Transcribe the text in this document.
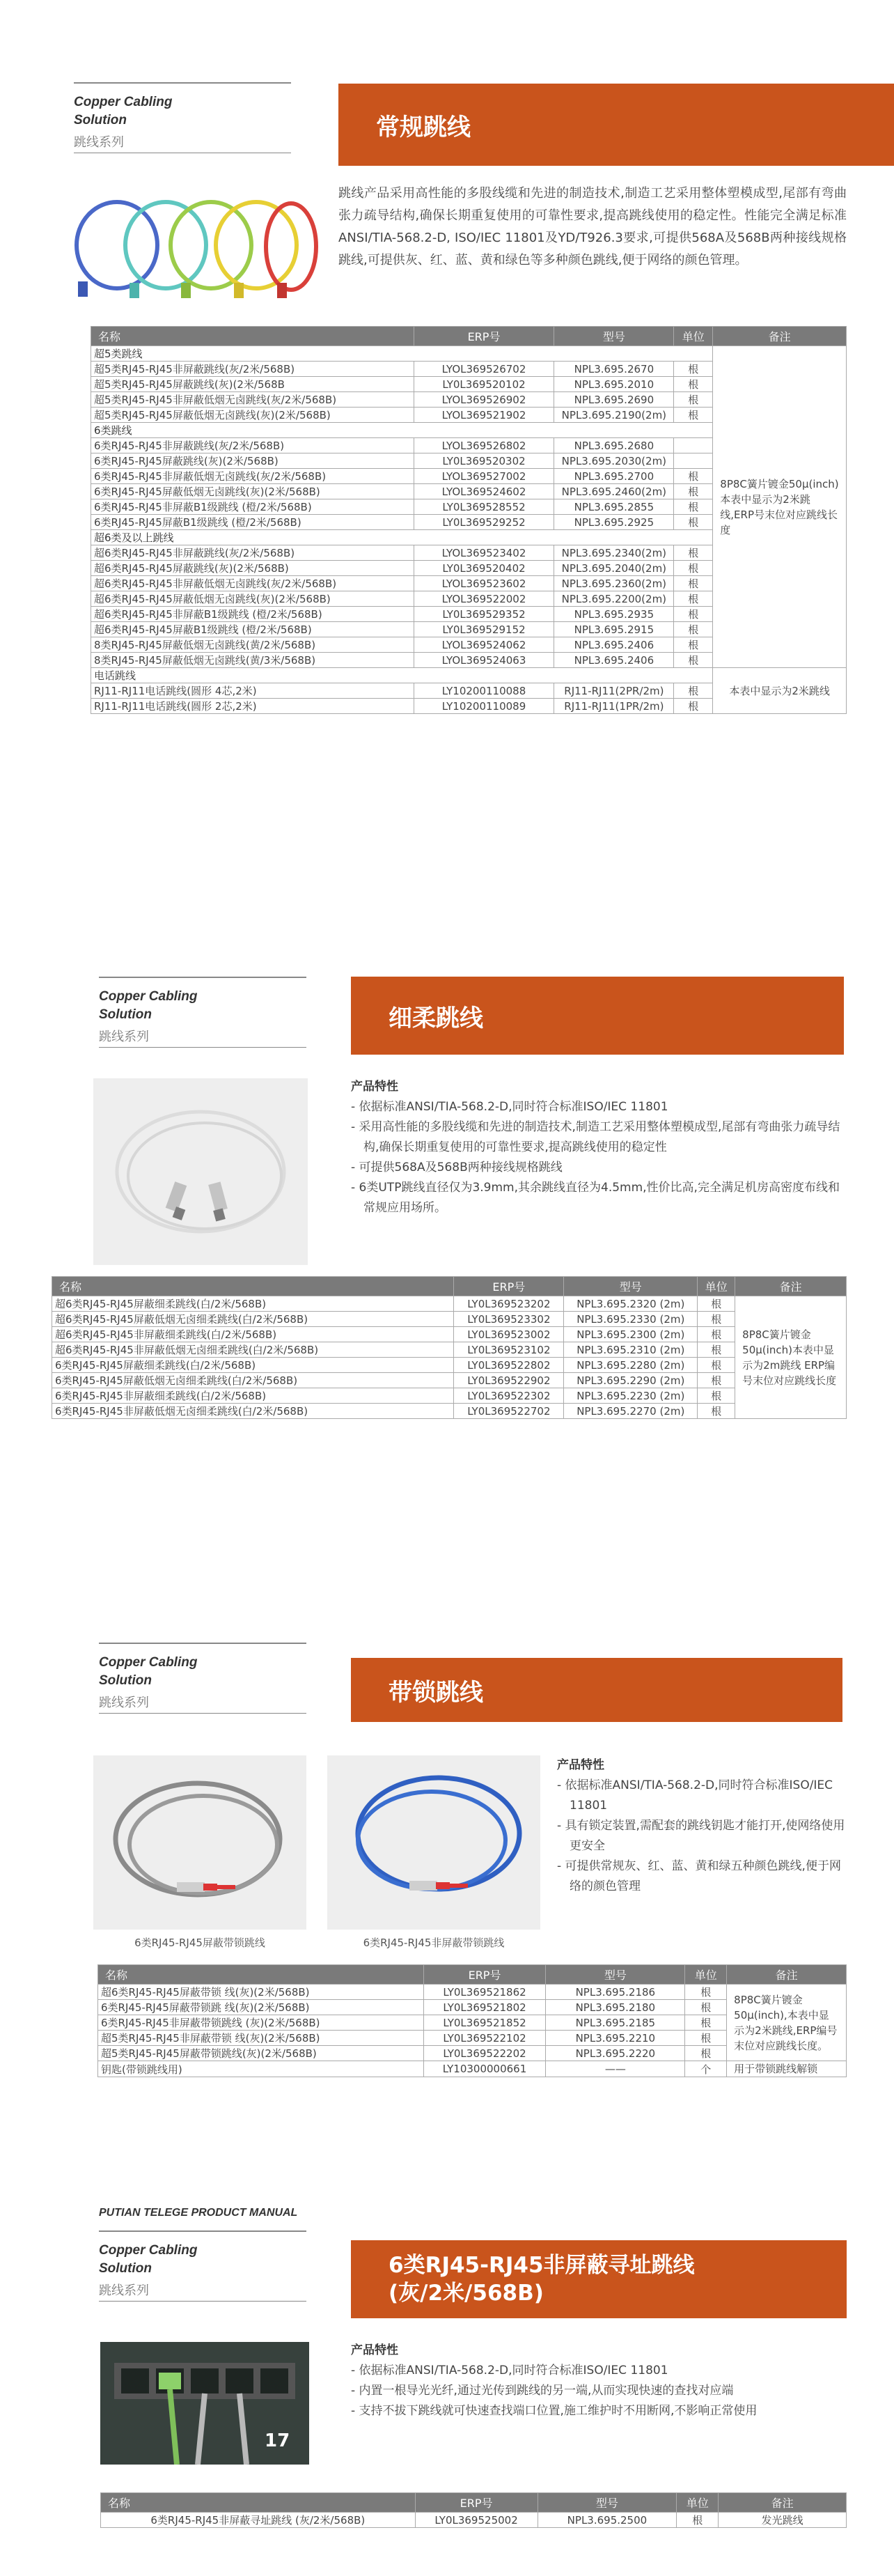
Copper Cabling
Solution
跳线系列
常规跳线
跳线产品采用高性能的多股线缆和先进的制造技术,制造工艺采用整体塑模成型,尾部有弯曲张力疏导结构,确保长期重复使用的可靠性要求,提高跳线使用的稳定性。性能完全满足标准ANSI/TIA-568.2-D, ISO/IEC 11801及YD/T926.3要求,可提供568A及568B两种接线规格跳线,可提供灰、红、蓝、黄和绿色等多种颜色跳线,便于网络的颜色管理。
名称	ERP号	型号	单位	备注
超5类跳线				8P8C簧片镀金50μ(inch)本表中显示为2米跳线,ERP号末位对应跳线长度
超5类RJ45-RJ45非屏蔽跳线(灰/2米/568B)	LYOL369526702	NPL3.695.2670	根	
超5类RJ45-RJ45屏蔽跳线(灰)(2米/568B	LY0L369520102	NPL3.695.2010	根	
超5类RJ45-RJ45非屏蔽低烟无卤跳线(灰/2米/568B)	LYOL369526902	NPL3.695.2690	根	
超5类RJ45-RJ45屏蔽低烟无卤跳线(灰)(2米/568B)	LYOL369521902	NPL3.695.2190(2m)	根	
6类跳线				
6类RJ45-RJ45非屏蔽跳线(灰/2米/568B)	LYOL369526802	NPL3.695.2680		
6类RJ45-RJ45屏蔽跳线(灰)(2米/568B)	LY0L369520302	NPL3.695.2030(2m)		
6类RJ45-RJ45非屏蔽低烟无卤跳线(灰/2米/568B)	LYOL369527002	NPL3.695.2700	根	
6类RJ45-RJ45屏蔽低烟无卤跳线(灰)(2米/568B)	LYOL369524602	NPL3.695.2460(2m)	根	
6类RJ45-RJ45非屏蔽B1级跳线 (橙/2米/568B)	LY0L369528552	NPL3.695.2855	根	
6类RJ45-RJ45屏蔽B1级跳线 (橙/2米/568B)	LY0L369529252	NPL3.695.2925	根	
超6类及以上跳线				
超6类RJ45-RJ45非屏蔽跳线(灰/2米/568B)	LYOL369523402	NPL3.695.2340(2m)	根	
超6类RJ45-RJ45屏蔽跳线(灰)(2米/568B)	LY0L369520402	NPL3.695.2040(2m)	根	
超6类RJ45-RJ45非屏蔽低烟无卤跳线(灰/2米/568B)	LYOL369523602	NPL3.695.2360(2m)	根	
超6类RJ45-RJ45屏蔽低烟无卤跳线(灰)(2米/568B)	LYOL369522002	NPL3.695.2200(2m)	根	
超6类RJ45-RJ45非屏蔽B1级跳线 (橙/2米/568B)	LY0L369529352	NPL3.695.2935	根	
超6类RJ45-RJ45屏蔽B1级跳线 (橙/2米/568B)	LY0L369529152	NPL3.695.2915	根	
8类RJ45-RJ45屏蔽低烟无卤跳线(黄/2米/568B)	LYOL369524062	NPL3.695.2406	根	
8类RJ45-RJ45屏蔽低烟无卤跳线(黄/3米/568B)	LYOL369524063	NPL3.695.2406	根	
电话跳线				本表中显示为2米跳线
RJ11-RJ11电话跳线(圆形 4芯,2米)	LY10200110088	RJ11-RJ11(2PR/2m)	根	
RJ11-RJ11电话跳线(圆形 2芯,2米)	LY10200110089	RJ11-RJ11(1PR/2m)	根	
Copper Cabling
Solution
跳线系列
细柔跳线
产品特性
- 依据标准ANSI/TIA-568.2-D,同时符合标准ISO/IEC 11801
- 采用高性能的多股线缆和先进的制造技术,制造工艺采用整体塑模成型,尾部有弯曲张力疏导结构,确保长期重复使用的可靠性要求,提高跳线使用的稳定性
- 可提供568A及568B两种接线规格跳线
- 6类UTP跳线直径仅为3.9mm,其余跳线直径为4.5mm,性价比高,完全满足机房高密度布线和常规应用场所。
名称	ERP号	型号	单位	备注
超6类RJ45-RJ45屏蔽细柔跳线(白/2米/568B)	LY0L369523202	NPL3.695.2320 (2m)	根	8P8C簧片镀金50μ(inch)本表中显示为2m跳线 ERP编号末位对应跳线长度
超6类RJ45-RJ45屏蔽低烟无卤细柔跳线(白/2米/568B)	LY0L369523302	NPL3.695.2330 (2m)	根	
超6类RJ45-RJ45非屏蔽细柔跳线(白/2米/568B)	LY0L369523002	NPL3.695.2300 (2m)	根	
超6类RJ45-RJ45非屏蔽低烟无卤细柔跳线(白/2米/568B)	LY0L369523102	NPL3.695.2310 (2m)	根	
6类RJ45-RJ45屏蔽细柔跳线(白/2米/568B)	LY0L369522802	NPL3.695.2280 (2m)	根	
6类RJ45-RJ45屏蔽低烟无卤细柔跳线(白/2米/568B)	LY0L369522902	NPL3.695.2290 (2m)	根	
6类RJ45-RJ45非屏蔽细柔跳线(白/2米/568B)	LY0L369522302	NPL3.695.2230 (2m)	根	
6类RJ45-RJ45非屏蔽低烟无卤细柔跳线(白/2米/568B)	LY0L369522702	NPL3.695.2270 (2m)	根	
Copper Cabling
Solution
跳线系列	带锁跳线
6类RJ45-RJ45屏蔽带锁跳线	6类RJ45-RJ45非屏蔽带锁跳线
产品特性
- 依据标准ANSI/TIA-568.2-D,同时符合标准ISO/IEC 11801
- 具有锁定装置,需配套的跳线钥匙才能打开,使网络使用更安全
- 可提供常规灰、红、蓝、黄和绿五种颜色跳线,便于网络的颜色管理
名称	ERP号	型号	单位	备注
超6类RJ45-RJ45屏蔽带锁 线(灰)(2米/568B)	LY0L369521862	NPL3.695.2186	根	8P8C簧片镀金50μ(inch),本表中显示为2米跳线,ERP编号末位对应跳线长度。
6类RJ45-RJ45屏蔽带锁跳 线(灰)(2米/568B)	LY0L369521802	NPL3.695.2180	根	
6类RJ45-RJ45非屏蔽带锁跳线 (灰)(2米/568B)	LY0L369521852	NPL3.695.2185	根	
超5类RJ45-RJ45非屏蔽带锁 线(灰)(2米/568B)	LY0L369522102	NPL3.695.2210	根	
超5类RJ45-RJ45屏蔽带锁跳线(灰)(2米/568B)	LY0L369522202	NPL3.695.2220	根	
钥匙(带锁跳线用)	LY10300000661	——	个	用于带锁跳线解锁
PUTIAN TELEGE PRODUCT MANUAL
Copper Cabling
Solution
跳线系列
6类RJ45-RJ45非屏蔽寻址跳线
(灰/2米/568B)
17
产品特性
- 依据标准ANSI/TIA-568.2-D,同时符合标准ISO/IEC 11801
- 内置一根导光光纤,通过光传到跳线的另一端,从而实现快速的查找对应端
- 支持不拔下跳线就可快速查找端口位置,施工维护时不用断网,不影响正常使用
名称	ERP号	型号	单位	备注
6类RJ45-RJ45非屏蔽寻址跳线 (灰/2米/568B)	LY0L369525002	NPL3.695.2500	根	发光跳线
